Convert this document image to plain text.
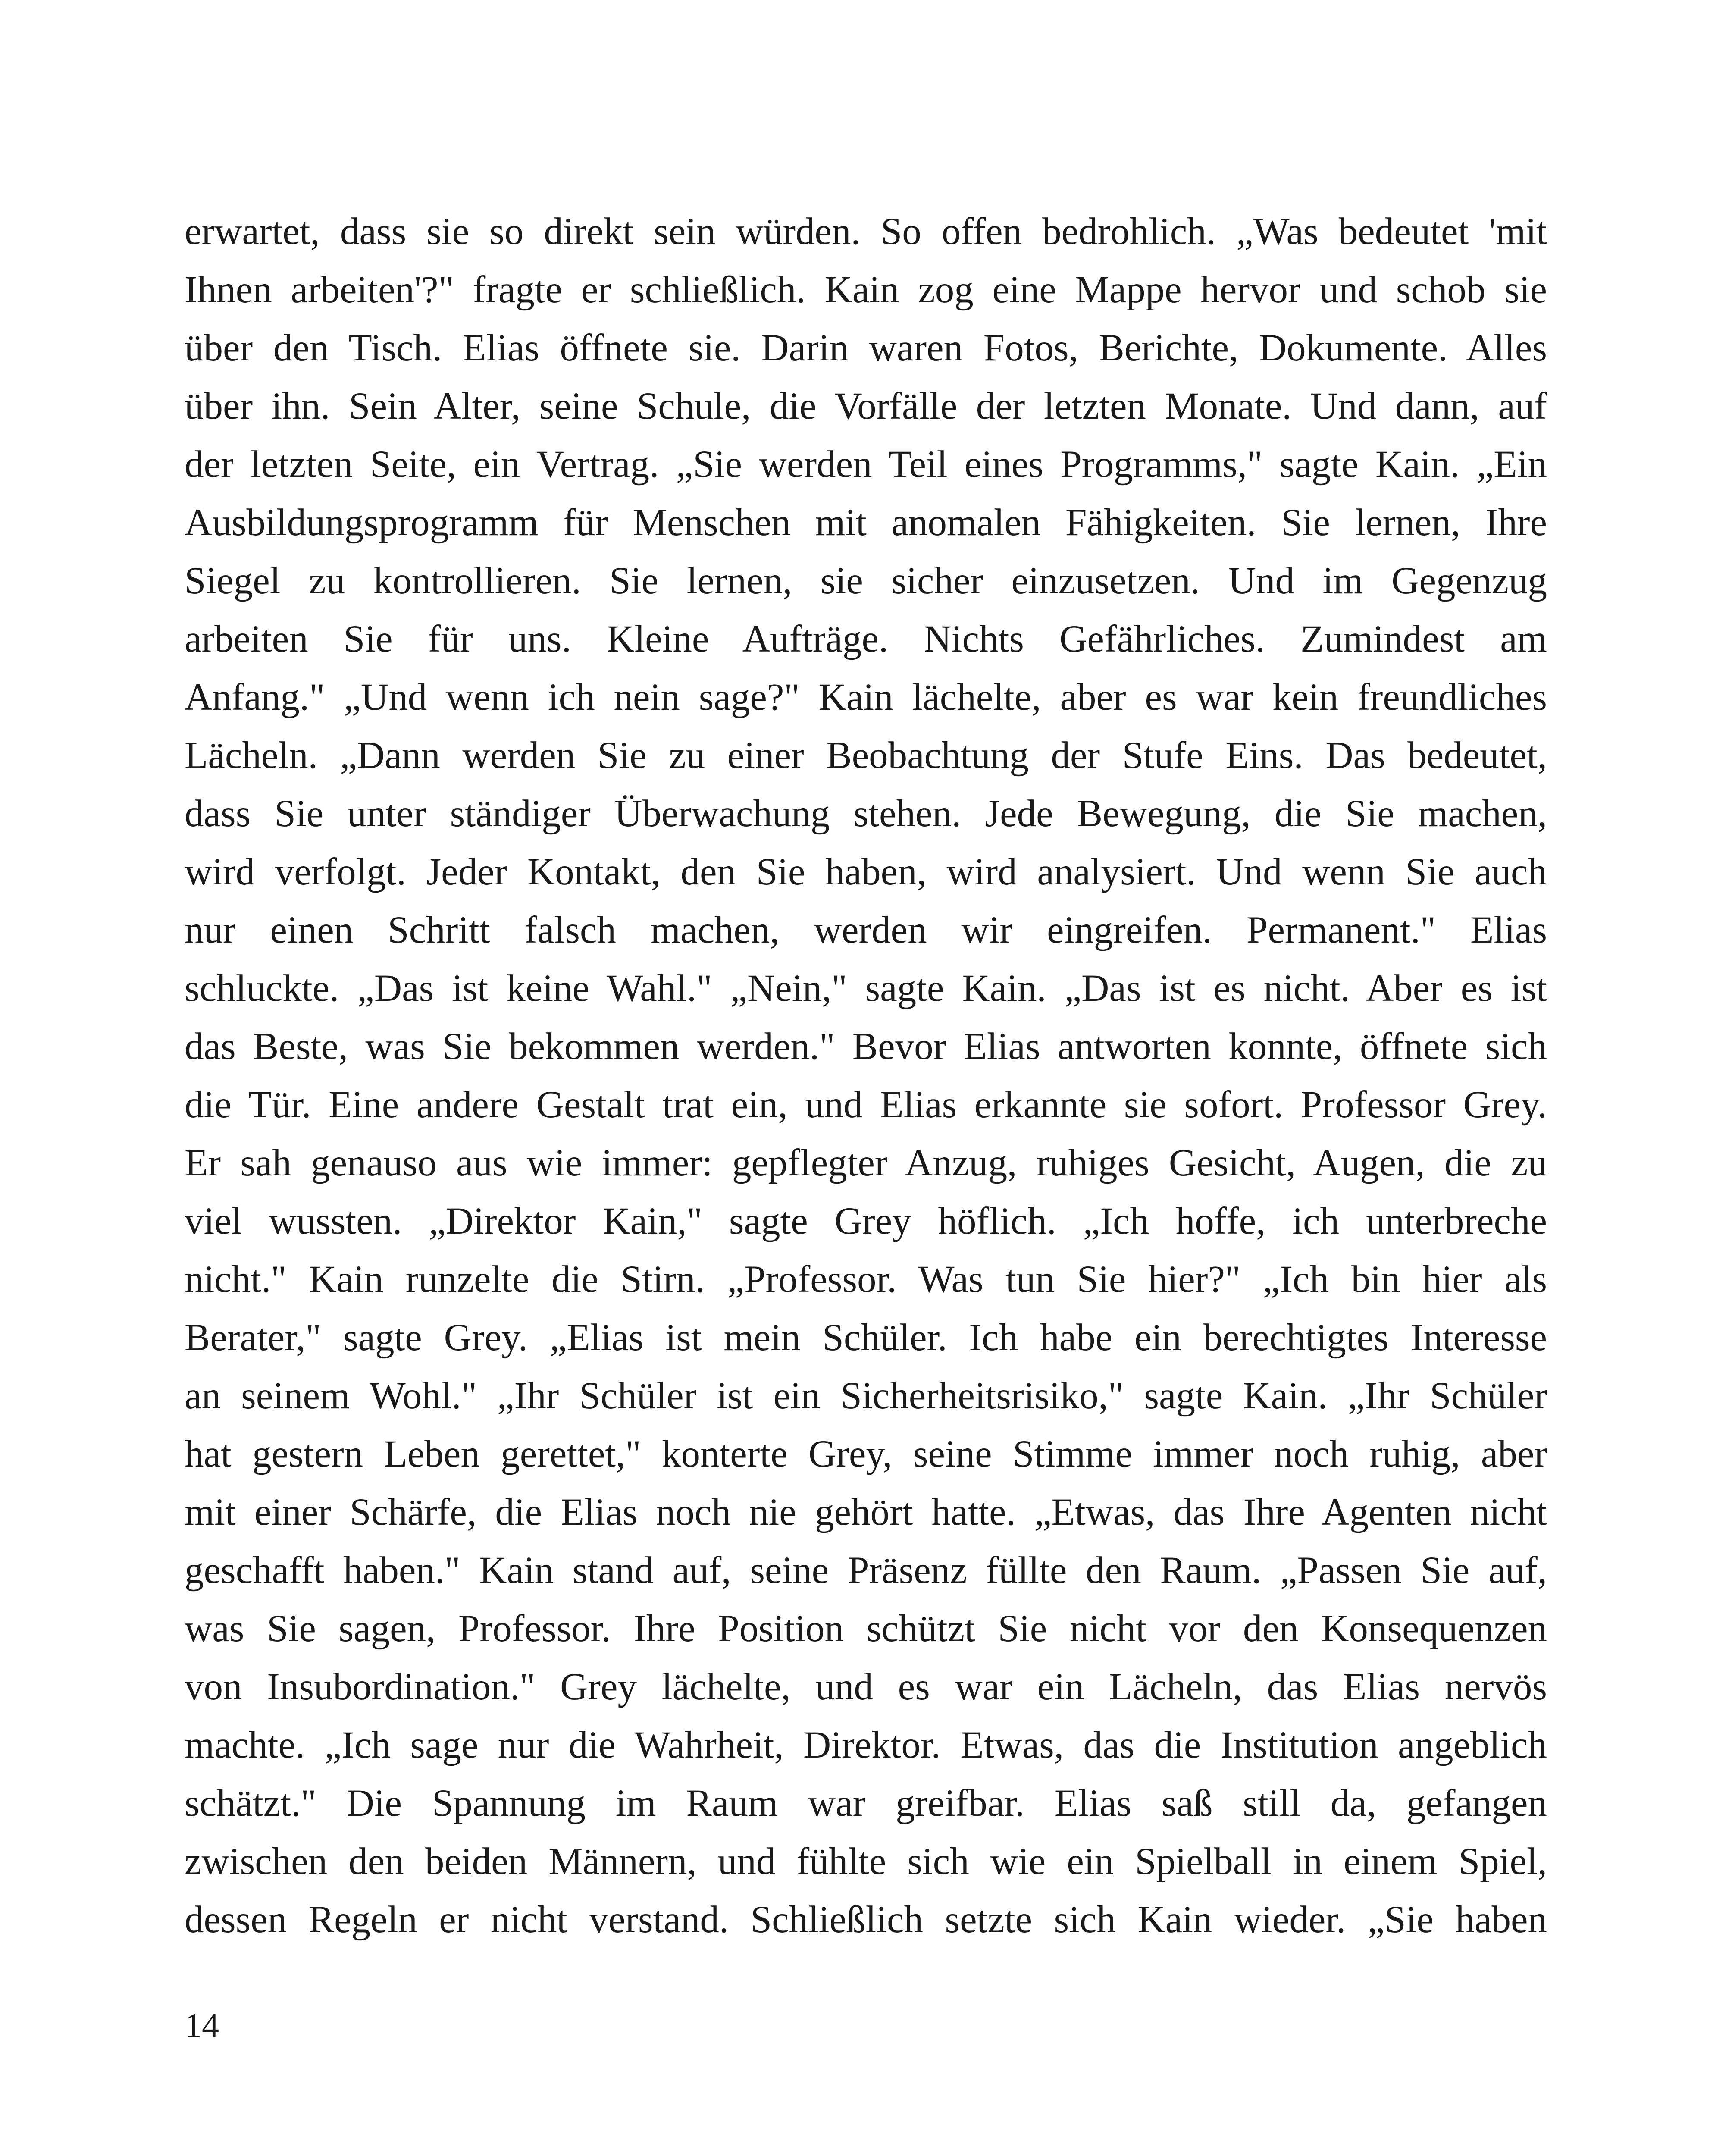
erwartet, dass sie so direkt sein würden. So offen bedrohlich. „Was bedeutet 'mit
Ihnen arbeiten'?" fragte er schließlich. Kain zog eine Mappe hervor und schob sie
über den Tisch. Elias öffnete sie. Darin waren Fotos, Berichte, Dokumente. Alles
über ihn. Sein Alter, seine Schule, die Vorfälle der letzten Monate. Und dann, auf
der letzten Seite, ein Vertrag. „Sie werden Teil eines Programms," sagte Kain. „Ein
Ausbildungsprogramm für Menschen mit anomalen Fähigkeiten. Sie lernen, Ihre
Siegel zu kontrollieren. Sie lernen, sie sicher einzusetzen. Und im Gegenzug
arbeiten Sie für uns. Kleine Aufträge. Nichts Gefährliches. Zumindest am
Anfang." „Und wenn ich nein sage?" Kain lächelte, aber es war kein freundliches
Lächeln. „Dann werden Sie zu einer Beobachtung der Stufe Eins. Das bedeutet,
dass Sie unter ständiger Überwachung stehen. Jede Bewegung, die Sie machen,
wird verfolgt. Jeder Kontakt, den Sie haben, wird analysiert. Und wenn Sie auch
nur einen Schritt falsch machen, werden wir eingreifen. Permanent." Elias
schluckte. „Das ist keine Wahl." „Nein," sagte Kain. „Das ist es nicht. Aber es ist
das Beste, was Sie bekommen werden." Bevor Elias antworten konnte, öffnete sich
die Tür. Eine andere Gestalt trat ein, und Elias erkannte sie sofort. Professor Grey.
Er sah genauso aus wie immer: gepflegter Anzug, ruhiges Gesicht, Augen, die zu
viel wussten. „Direktor Kain," sagte Grey höflich. „Ich hoffe, ich unterbreche
nicht." Kain runzelte die Stirn. „Professor. Was tun Sie hier?" „Ich bin hier als
Berater," sagte Grey. „Elias ist mein Schüler. Ich habe ein berechtigtes Interesse
an seinem Wohl." „Ihr Schüler ist ein Sicherheitsrisiko," sagte Kain. „Ihr Schüler
hat gestern Leben gerettet," konterte Grey, seine Stimme immer noch ruhig, aber
mit einer Schärfe, die Elias noch nie gehört hatte. „Etwas, das Ihre Agenten nicht
geschafft haben." Kain stand auf, seine Präsenz füllte den Raum. „Passen Sie auf,
was Sie sagen, Professor. Ihre Position schützt Sie nicht vor den Konsequenzen
von Insubordination." Grey lächelte, und es war ein Lächeln, das Elias nervös
machte. „Ich sage nur die Wahrheit, Direktor. Etwas, das die Institution angeblich
schätzt." Die Spannung im Raum war greifbar. Elias saß still da, gefangen
zwischen den beiden Männern, und fühlte sich wie ein Spielball in einem Spiel,
dessen Regeln er nicht verstand. Schließlich setzte sich Kain wieder. „Sie haben
14
